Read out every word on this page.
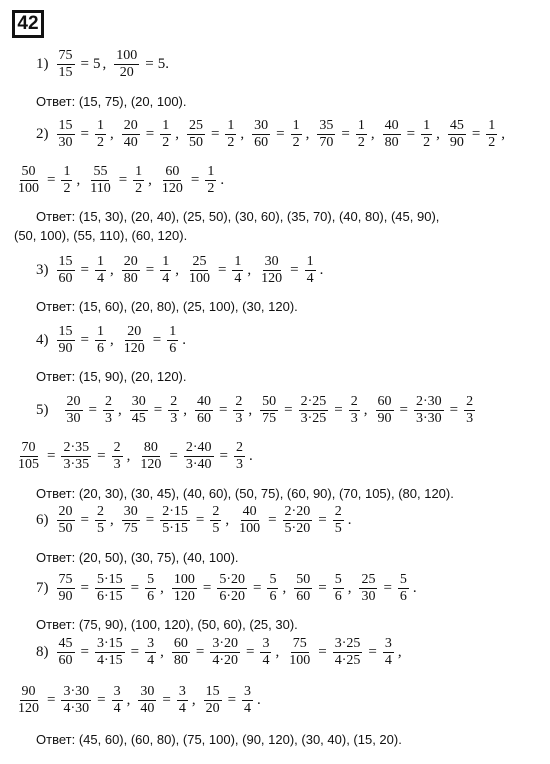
42
$1) \frac{75}{15} = 5$ , $\frac{100}{20} = 5$ .
Ответ: (15, 75), (20, 100).
$2) \frac{15}{30} = \frac{1}{2}$ , $\frac{20}{40} = \frac{1}{2}$ , $\frac{25}{50} = \frac{1}{2}$ , $\frac{30}{60} = \frac{1}{2}$ , $\frac{35}{70} = \frac{1}{2}$ , $\frac{40}{80} = \frac{1}{2}$ , $\frac{45}{90} = \frac{1}{2}$ ,
$\frac{50}{100} = \frac{1}{2}$ , $\frac{55}{110} = \frac{1}{2}$ , $\frac{60}{120} = \frac{1}{2}$ .
Ответ: (15, 30), (20, 40), (25, 50), (30, 60), (35, 70), (40, 80), (45, 90),
(50, 100), (55, 110), (60, 120).
$3) \frac{15}{60} = \frac{1}{4}$ , $\frac{20}{80} = \frac{1}{4}$ , $\frac{25}{100} = \frac{1}{4}$ , $\frac{30}{120} = \frac{1}{4}$ .
Ответ: (15, 60), (20, 80), (25, 100), (30, 120).
$4) \frac{15}{90} = \frac{1}{6}$ , $\frac{20}{120} = \frac{1}{6}$ .
Ответ: (15, 90), (20, 120).
$5) \frac{20}{30} = \frac{2}{3}$ , $\frac{30}{45} = \frac{2}{3}$ , $\frac{40}{60} = \frac{2}{3}$ , $\frac{50}{75} = \frac{2\cdot 25}{3\cdot 25} = \frac{2}{3}$ , $\frac{60}{90} = \frac{2\cdot 30}{3\cdot 30} = \frac{2}{3}$
$\frac{70}{105} = \frac{2\cdot 35}{3\cdot 35} = \frac{2}{3}$ , $\frac{80}{120} = \frac{2\cdot 40}{3\cdot 40} = \frac{2}{3}$ .
Ответ: (20, 30), (30, 45), (40, 60), (50, 75), (60, 90), (70, 105), (80, 120).
$6) \frac{20}{50} = \frac{2}{5}$ , $\frac{30}{75} = \frac{2\cdot 15}{5\cdot 15} = \frac{2}{5}$ , $\frac{40}{100} = \frac{2\cdot 20}{5\cdot 20} = \frac{2}{5}$ .
Ответ: (20, 50), (30, 75), (40, 100).
$7) \frac{75}{90} = \frac{5\cdot 15}{6\cdot 15} = \frac{5}{6}$ , $\frac{100}{120} = \frac{5\cdot 20}{6\cdot 20} = \frac{5}{6}$ , $\frac{50}{60} = \frac{5}{6}$ , $\frac{25}{30} = \frac{5}{6}$ .
Ответ: (75, 90), (100, 120), (50, 60), (25, 30).
$8) \frac{45}{60} = \frac{3\cdot 15}{4\cdot 15} = \frac{3}{4}$ , $\frac{60}{80} = \frac{3\cdot 20}{4\cdot 20} = \frac{3}{4}$ , $\frac{75}{100} = \frac{3\cdot 25}{4\cdot 25} = \frac{3}{4}$ ,
$\frac{90}{120} = \frac{3\cdot 30}{4\cdot 30} = \frac{3}{4}$ , $\frac{30}{40} = \frac{3}{4}$ , $\frac{15}{20} = \frac{3}{4}$ .
Ответ: (45, 60), (60, 80), (75, 100), (90, 120), (30, 40), (15, 20).
